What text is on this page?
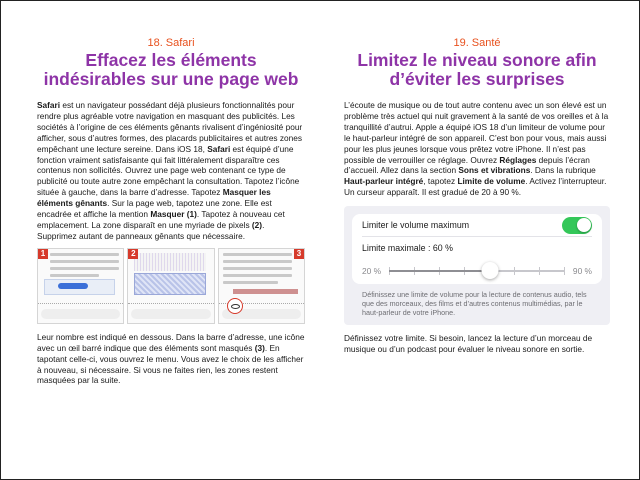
18. Safari
Effacez les éléments
indésirables sur une page web

Safari est un navigateur possédant déjà plusieurs fonctionnalités pour rendre plus agréable votre navigation en masquant des publicités. Les sociétés à l’origine de ces éléments gênants rivalisent d’ingéniosité pour afficher, sous d’autres formes, des placards publicitaires et autres zones empêchant une lecture sereine. Dans iOS 18, Safari est équipé d’une fonction vraiment satisfaisante qui fait littéralement disparaître ces contenus non sollicités. Ouvrez une page web contenant ce type de publicité ou toute autre zone empêchant la consultation. Tapotez l’icône située à gauche, dans la barre d’adresse. Tapotez Masquer les éléments gênants. Sur la page web, tapotez une zone. Elle est encadrée et affiche la mention Masquer (1). Tapotez à nouveau cet emplacement. La zone disparaît en une myriade de pixels (2). Supprimez autant de panneaux gênants que nécessaire.

1	2	3

Leur nombre est indiqué en dessous. Dans la barre d’adresse, une icône avec un œil barré indique que des éléments sont masqués (3). En tapotant celle-ci, vous ouvrez le menu. Vous avez le choix de les afficher à nouveau, si nécessaire. Si vous ne faites rien, les zones restent masquées par la suite.

19. Santé
Limitez le niveau sonore afin
d’éviter les surprises

L’écoute de musique ou de tout autre contenu avec un son élevé est un problème très actuel qui nuit gravement à la santé de vos oreilles et à la tranquillité d’autrui. Apple a équipé iOS 18 d’un limiteur de volume pour le haut-parleur intégré de son appareil. C’est bon pour vous, mais aussi pour les plus jeunes lorsque vous prêtez votre iPhone. Il n’est pas possible de verrouiller ce réglage. Ouvrez Réglages depuis l’écran d’accueil. Allez dans la section Sons et vibrations. Dans la rubrique Haut-parleur intégré, tapotez Limite de volume. Activez l’interrupteur. Un curseur apparaît. Il est gradué de 20 à 90 %.

Limiter le volume maximum
Limite maximale : 60 %
20 %	90 %

Définissez une limite de volume pour la lecture de contenus audio, tels que des morceaux, des films et d’autres contenus multimédias, par le haut-parleur de votre iPhone.

Définissez votre limite. Si besoin, lancez la lecture d’un morceau de musique ou d’un podcast pour évaluer le niveau sonore en sortie.
